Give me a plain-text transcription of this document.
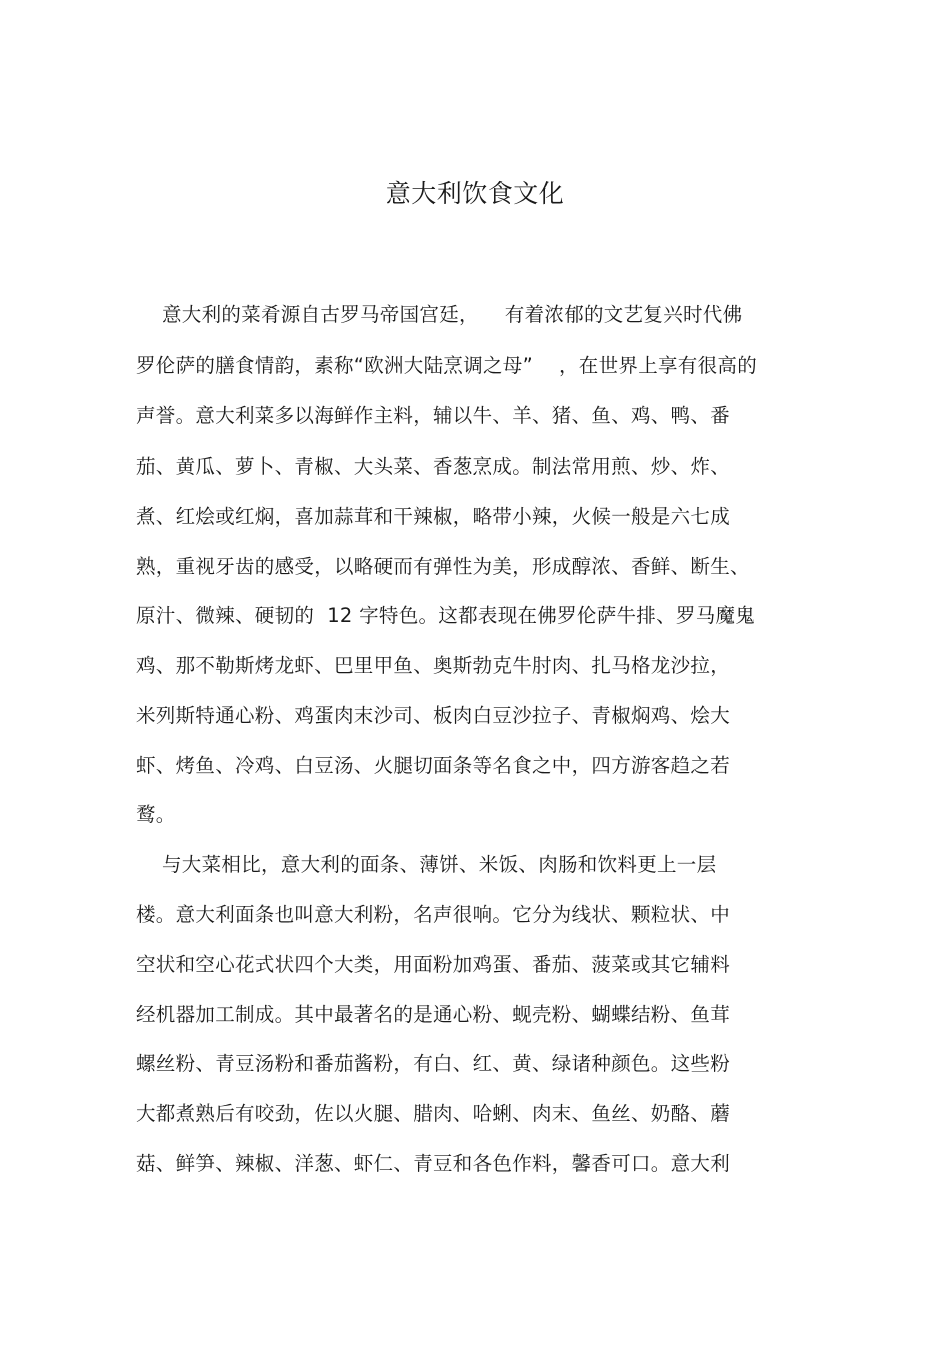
意大利饮食文化
意大利的菜肴源自古罗马帝国宫廷，    有着浓郁的文艺复兴时代佛
罗伦萨的膳食情韵，素称“欧洲大陆烹调之母”    ，在世界上享有很高的
声誉。意大利菜多以海鲜作主料，辅以牛、羊、猪、鱼、鸡、鸭、番
茄、黄瓜、萝卜、青椒、大头菜、香葱烹成。制法常用煎、炒、炸、
煮、红烩或红焖，喜加蒜茸和干辣椒，略带小辣，火候一般是六七成
熟，重视牙齿的感受，以略硬而有弹性为美，形成醇浓、香鲜、断生、
原汁、微辣、硬韧的  12 字特色。这都表现在佛罗伦萨牛排、罗马魔鬼
鸡、那不勒斯烤龙虾、巴里甲鱼、奥斯勃克牛肘肉、扎马格龙沙拉，
米列斯特通心粉、鸡蛋肉末沙司、板肉白豆沙拉子、青椒焖鸡、烩大
虾、烤鱼、冷鸡、白豆汤、火腿切面条等名食之中，四方游客趋之若
鹜。
与大菜相比，意大利的面条、薄饼、米饭、肉肠和饮料更上一层
楼。意大利面条也叫意大利粉，名声很响。它分为线状、颗粒状、中
空状和空心花式状四个大类，用面粉加鸡蛋、番茄、菠菜或其它辅料
经机器加工制成。其中最著名的是通心粉、蚬壳粉、蝴蝶结粉、鱼茸
螺丝粉、青豆汤粉和番茄酱粉，有白、红、黄、绿诸种颜色。这些粉
大都煮熟后有咬劲，佐以火腿、腊肉、哈蜊、肉末、鱼丝、奶酪、蘑
菇、鲜笋、辣椒、洋葱、虾仁、青豆和各色作料，馨香可口。意大利
